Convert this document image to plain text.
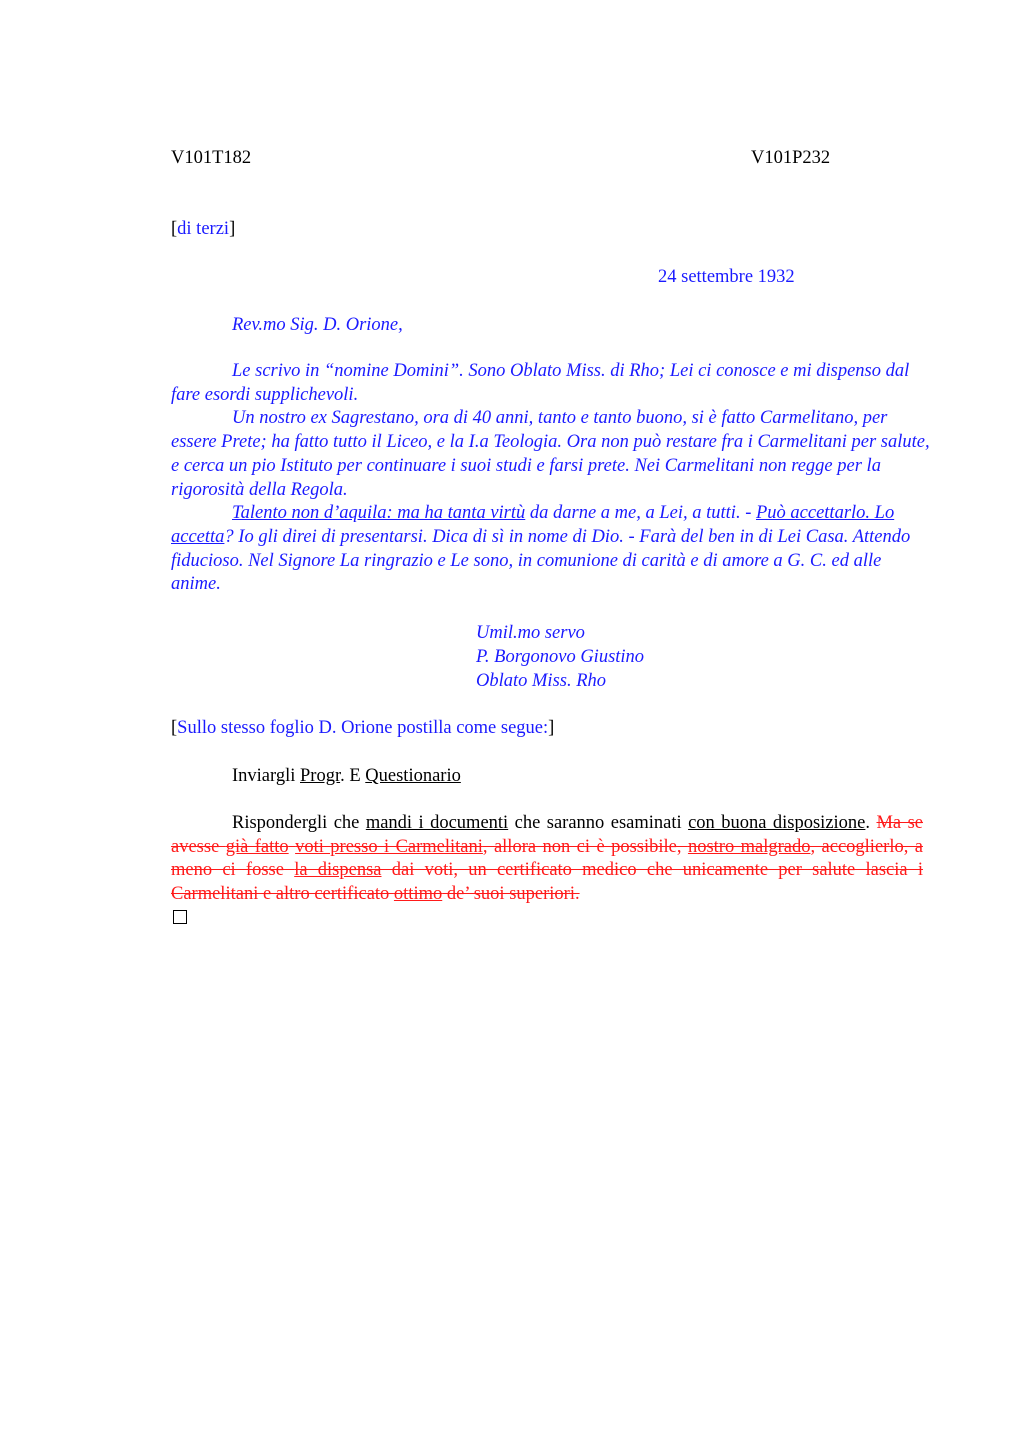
V101T182	V101P232
[di terzi]
24 settembre 1932
Rev.mo Sig. D. Orione,

Le scrivo in “nomine Domini”. Sono Oblato Miss. di Rho; Lei ci conosce e mi dispenso dal fare esordi supplichevoli.

Un nostro ex Sagrestano, ora di 40 anni, tanto e tanto buono, si è fatto Carmelitano, per essere Prete; ha fatto tutto il Liceo, e la I.a Teologia. Ora non può restare fra i Carmelitani per salute, e cerca un pio Istituto per continuare i suoi studi e farsi prete. Nei Carmelitani non regge per la rigorosità della Regola.

Talento non d’aquila: ma ha tanta virtù da darne a me, a Lei, a tutti. - Può accettarlo. Lo accetta? Io gli direi di presentarsi. Dica di sì in nome di Dio. - Farà del ben in di Lei Casa. Attendo fiducioso. Nel Signore La ringrazio e Le sono, in comunione di carità e di amore a G. C. ed alle anime.

Umil.mo servo
P. Borgonovo Giustino
Oblato Miss. Rho
[Sullo stesso foglio D. Orione postilla come segue:]
Inviargli Progr. E Questionario

Rispondergli che mandi i documenti che saranno esaminati con buona disposizione. Ma se avesse già fatto voti presso i Carmelitani, allora non ci è possibile, nostro malgrado, accoglierlo, a meno ci fosse la dispensa dai voti, un certificato medico che unicamente per salute lascia i Carmelitani e altro certificato ottimo de’ suoi superiori.
